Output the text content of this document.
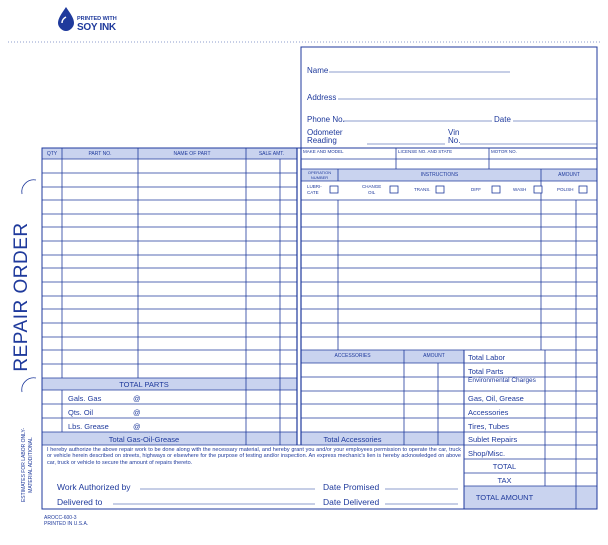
PRINTED WITH
SOY INK
REPAIR ORDER
ESTIMATES FOR LABOR ONLY- MATERIAL ADDITIONAL
Name
Address
Phone No.	Date
Odometer
Reading
Vin
No.
MAKE AND MODEL	LICENSE NO. AND STATE	MOTOR NO.
QTY	PART NO.	NAME OF PART	SALE AMT.
OPERATION
NUMBER	INSTRUCTIONS	AMOUNT
LUBRI-
CATE
CHANGE
OIL
TRANS.	DIFF	WASH	POLISH
TOTAL PARTS
Gals. Gas	@
Qts. Oil	@
Lbs. Grease	@
Total Gas-Oil-Grease
ACCESSORIES	AMOUNT
Total Accessories
Total Labor
Total Parts
Environmental Charges
Gas, Oil, Grease
Accessories
Tires, Tubes
Sublet Repairs
Shop/Misc.
TOTAL
TAX
TOTAL AMOUNT
I hereby authorize the above repair work to be done along with the necessary material, and hereby grant you and/or your employees permission to operate the car, truck or vehicle herein described on streets, highways or elsewhere for the purpose of testing and/or inspection. An express mechanic's lien is hereby acknowledged on above car, truck or vehicle to secure the amount of repairs thereto.
Work Authorized by	Date Promised
Delivered to	Date Delivered
AROCC-600-3
PRINTED IN U.S.A.
